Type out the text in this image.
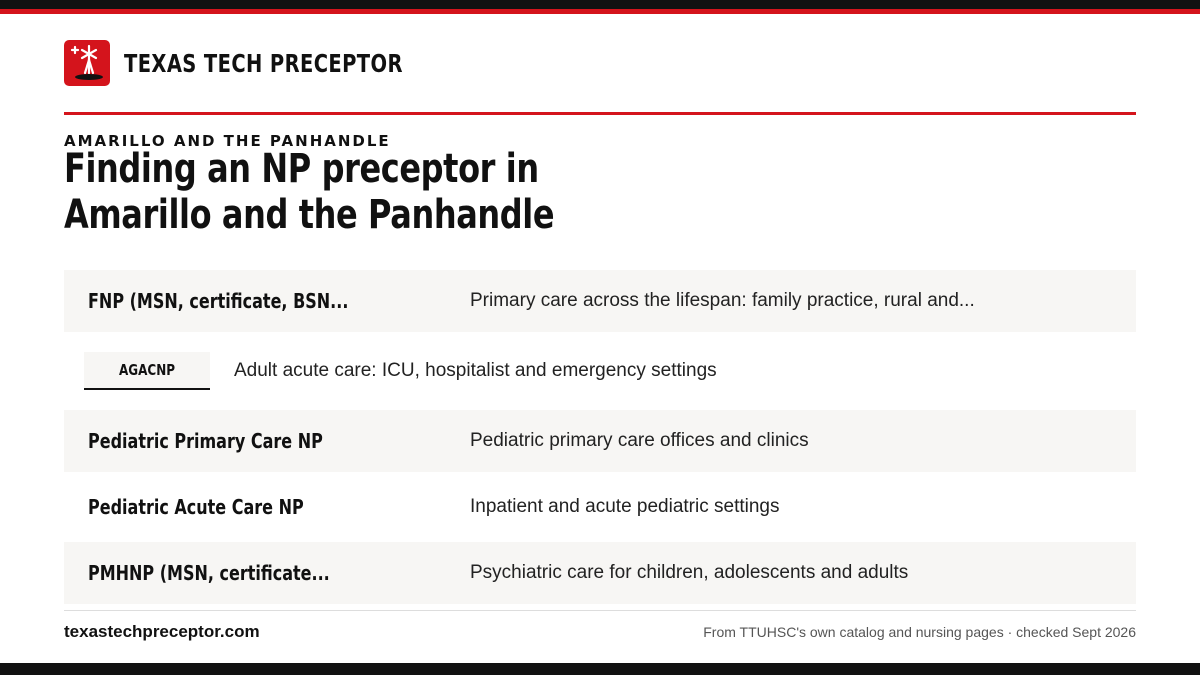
TEXAS TECH PRECEPTOR
AMARILLO AND THE PANHANDLE
Finding an NP preceptor in Amarillo and the Panhandle
FNP (MSN, certificate, BSN...	Primary care across the lifespan: family practice, rural and...
AGACNP	Adult acute care: ICU, hospitalist and emergency settings
Pediatric Primary Care NP	Pediatric primary care offices and clinics
Pediatric Acute Care NP	Inpatient and acute pediatric settings
PMHNP (MSN, certificate...	Psychiatric care for children, adolescents and adults
texastechpreceptor.com	From TTUHSC's own catalog and nursing pages · checked Sept 2026
